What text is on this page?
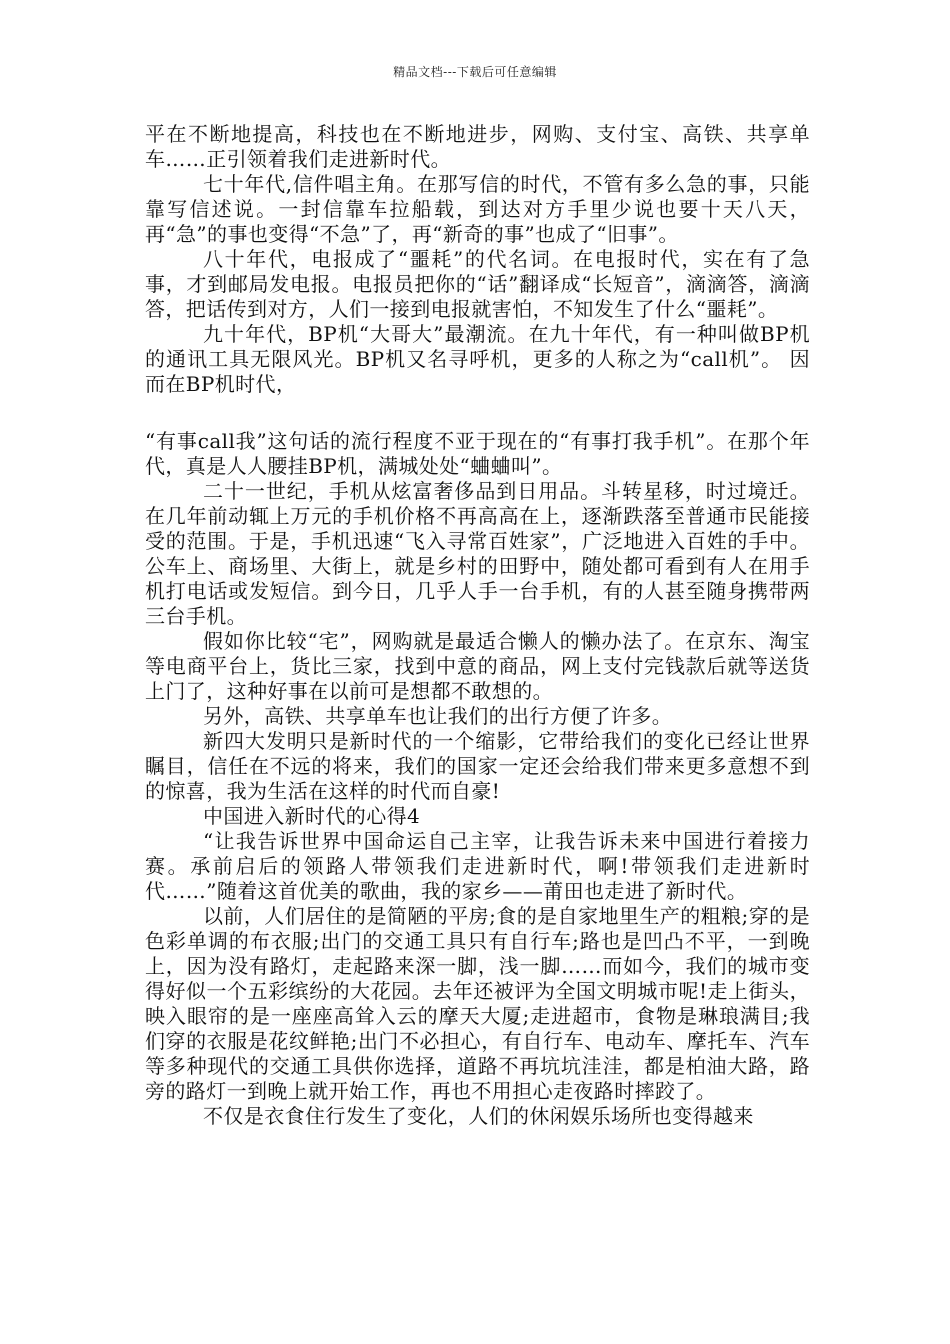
精品文档---下载后可任意编辑

平在不断地提高，科技也在不断地进步，网购、支付宝、高铁、共享单车……正引领着我们走进新时代。

七十年代,信件唱主角。在那写信的时代，不管有多么急的事，只能靠写信述说。一封信靠车拉船载，到达对方手里少说也要十天八天，再“急”的事也变得“不急”了，再“新奇的事”也成了“旧事”。

八十年代，电报成了“噩耗”的代名词。在电报时代，实在有了急事，才到邮局发电报。电报员把你的“话”翻译成“长短音”，滴滴答，滴滴答，把话传到对方，人们一接到电报就害怕，不知发生了什么“噩耗”。

九十年代，BP机“大哥大”最潮流。在九十年代，有一种叫做BP机的通讯工具无限风光。BP机又名寻呼机，更多的人称之为“call机”。 因而在BP机时代，

“有事call我”这句话的流行程度不亚于现在的“有事打我手机”。在那个年代，真是人人腰挂BP机，满城处处“蛐蛐叫”。

二十一世纪，手机从炫富奢侈品到日用品。斗转星移，时过境迁。在几年前动辄上万元的手机价格不再高高在上，逐渐跌落至普通市民能接受的范围。于是，手机迅速“飞入寻常百姓家”，广泛地进入百姓的手中。公车上、商场里、大街上，就是乡村的田野中，随处都可看到有人在用手机打电话或发短信。到今日，几乎人手一台手机，有的人甚至随身携带两三台手机。

假如你比较“宅”，网购就是最适合懒人的懒办法了。在京东、淘宝等电商平台上，货比三家，找到中意的商品，网上支付完钱款后就等送货上门了，这种好事在以前可是想都不敢想的。

另外，高铁、共享单车也让我们的出行方便了许多。

新四大发明只是新时代的一个缩影，它带给我们的变化已经让世界瞩目，信任在不远的将来，我们的国家一定还会给我们带来更多意想不到的惊喜，我为生活在这样的时代而自豪!

中国进入新时代的心得4

“让我告诉世界中国命运自己主宰，让我告诉未来中国进行着接力赛。承前启后的领路人带领我们走进新时代，啊!带领我们走进新时代……”随着这首优美的歌曲，我的家乡——莆田也走进了新时代。

以前，人们居住的是简陋的平房;食的是自家地里生产的粗粮;穿的是色彩单调的布衣服;出门的交通工具只有自行车;路也是凹凸不平，一到晚上，因为没有路灯，走起路来深一脚，浅一脚……而如今，我们的城市变得好似一个五彩缤纷的大花园。去年还被评为全国文明城市呢!走上街头，映入眼帘的是一座座高耸入云的摩天大厦;走进超市，食物是琳琅满目;我们穿的衣服是花纹鲜艳;出门不必担心，有自行车、电动车、摩托车、汽车等多种现代的交通工具供你选择，道路不再坑坑洼洼，都是柏油大路，路旁的路灯一到晚上就开始工作，再也不用担心走夜路时摔跤了。

不仅是衣食住行发生了变化，人们的休闲娱乐场所也变得越来
